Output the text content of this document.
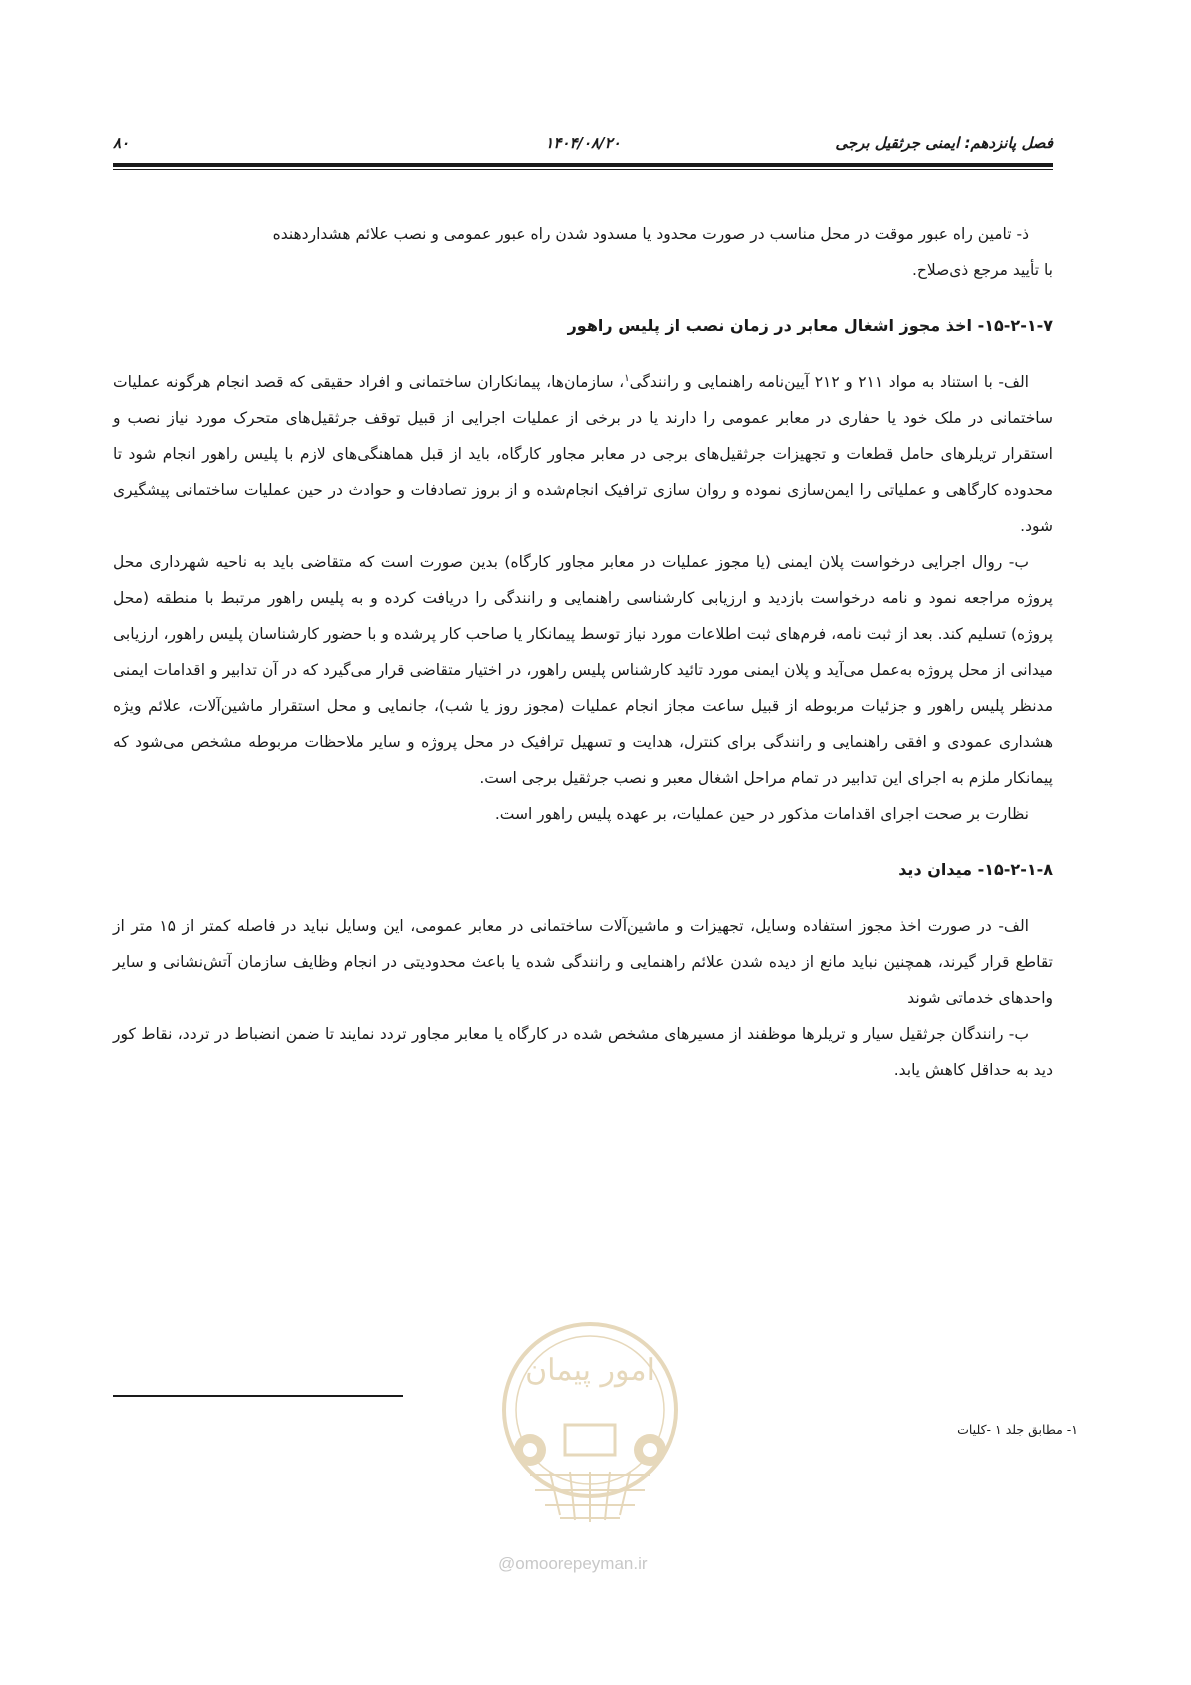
فصل پانزدهم: ایمنی جرثقیل برجی
۱۴۰۴/۰۸/۲۰
۸۰

ذ- تامین راه عبور موقت در محل مناسب در صورت محدود یا مسدود شدن راه عبور عمومی و نصب علائم هشداردهنده
با تأیید مرجع ذی‌صلاح.

۱۵-۲-۱-۷- اخذ مجوز اشغال معابر در زمان نصب از پلیس راهور

الف- با استناد به مواد ۲۱۱ و ۲۱۲ آیین‌نامه راهنمایی و رانندگی$^۱$، سازمان‌ها، پیمانکاران ساختمانی و افراد حقیقی که قصد انجام هرگونه عملیات ساختمانی در ملک خود یا حفاری در معابر عمومی را دارند یا در برخی از عملیات اجرایی از قبیل توقف جرثقیل‌های متحرک مورد نیاز نصب و استقرار تریلرهای حامل قطعات و تجهیزات جرثقیل‌های برجی در معابر مجاور کارگاه، باید از قبل هماهنگی‌های لازم با پلیس راهور انجام شود تا محدوده کارگاهی و عملیاتی را ایمن‌سازی نموده و روان سازی ترافیک انجام‌شده و از بروز تصادفات و حوادث در حین عملیات ساختمانی پیشگیری شود.

ب- روال اجرایی درخواست پلان ایمنی (یا مجوز عملیات در معابر مجاور کارگاه) بدین صورت است که متقاضی باید به ناحیه شهرداری محل پروژه مراجعه نمود و نامه درخواست بازدید و ارزیابی کارشناسی راهنمایی و رانندگی را دریافت کرده و به پلیس راهور مرتبط با منطقه (محل پروژه) تسلیم کند. بعد از ثبت نامه، فرم‌های ثبت اطلاعات مورد نیاز توسط پیمانکار یا صاحب کار پرشده و با حضور کارشناسان پلیس راهور، ارزیابی میدانی از محل پروژه به‌عمل می‌آید و پلان ایمنی مورد تائید کارشناس پلیس راهور، در اختیار متقاضی قرار می‌گیرد که در آن تدابیر و اقدامات ایمنی مدنظر پلیس راهور و جزئیات مربوطه از قبیل ساعت مجاز انجام عملیات (مجوز روز یا شب)، جانمایی و محل استقرار ماشین‌آلات، علائم ویژه هشداری عمودی و افقی راهنمایی و رانندگی برای کنترل، هدایت و تسهیل ترافیک در محل پروژه و سایر ملاحظات مربوطه مشخص می‌شود که پیمانکار ملزم به اجرای این تدابیر در تمام مراحل اشغال معبر و نصب جرثقیل برجی است.

نظارت بر صحت اجرای اقدامات مذکور در حین عملیات، بر عهده پلیس راهور است.

۱۵-۲-۱-۸- میدان دید

الف- در صورت اخذ مجوز استفاده وسایل، تجهیزات و ماشین‌آلات ساختمانی در معابر عمومی، این وسایل نباید در فاصله کمتر از ۱۵ متر از تقاطع قرار گیرند، همچنین نباید مانع از دیده شدن علائم راهنمایی و رانندگی شده یا باعث محدودیتی در انجام وظایف سازمان آتش‌نشانی و سایر واحدهای خدماتی شوند

ب- رانندگان جرثقیل سیار و تریلرها موظفند از مسیرهای مشخص شده در کارگاه یا معابر مجاور تردد نمایند تا ضمن انضباط در تردد، نقاط کور دید به حداقل کاهش یابد.

امور پیمان
@omoorepeyman.ir
۱- مطابق جلد ۱ -کلیات
